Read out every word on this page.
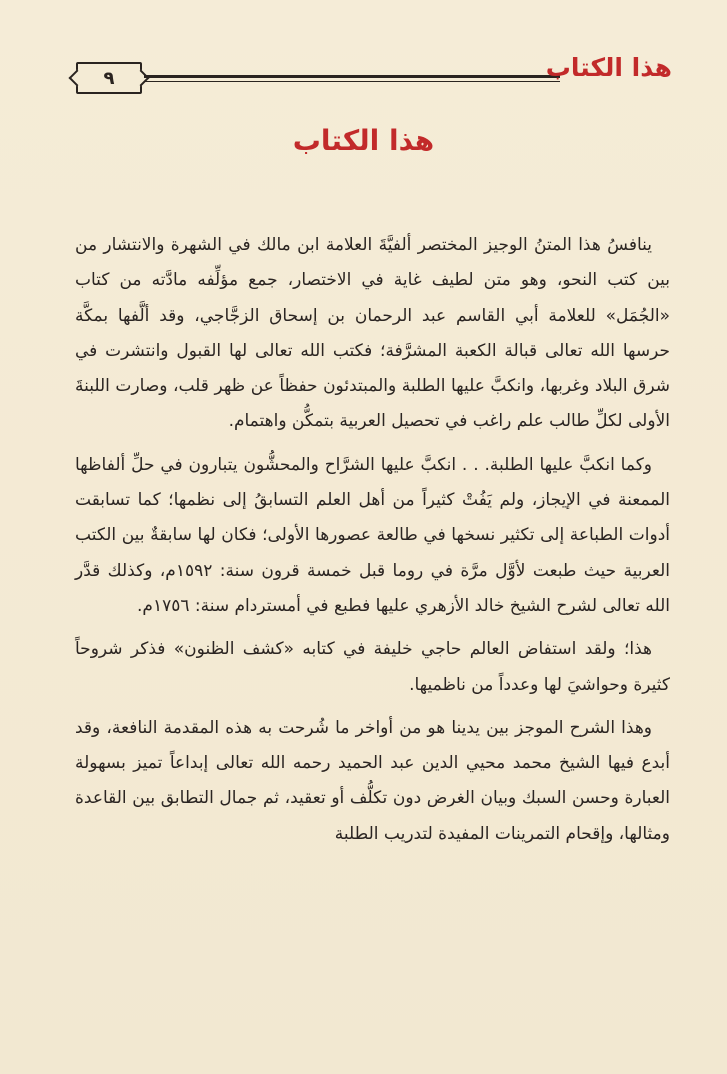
٩	هذا الكتاب
هذا الكتاب

ينافسُ هذا المتنُ الوجيز المختصر ألفيَّةَ العلامة ابن مالك في الشهرة والانتشار من بين كتب النحو، وهو متن لطيف غاية في الاختصار، جمع مؤلِّفه مادَّته من كتاب «الجُمَل» للعلامة أبي القاسم عبد الرحمان بن إسحاق الزجَّاجي، وقد ألَّفها بمكَّة حرسها الله تعالى قبالة الكعبة المشرَّفة؛ فكتب الله تعالى لها القبول وانتشرت في شرق البلاد وغربها، وانكبَّ عليها الطلبة والمبتدئون حفظاً عن ظهر قلب، وصارت اللبنةَ الأولى لكلِّ طالب علم راغب في تحصيل العربية بتمكُّن واهتمام.

وكما انكبَّ عليها الطلبة. . . انكبَّ عليها الشرَّاح والمحشُّون يتبارون في حلِّ ألفاظها الممعنة في الإيجاز، ولم يَفُتْ كثيراً من أهل العلم التسابقُ إلى نظمها؛ كما تسابقت أدوات الطباعة إلى تكثير نسخها في طالعة عصورها الأولى؛ فكان لها سابقةٌ بين الكتب العربية حيث طبعت لأوَّل مرَّة في روما قبل خمسة قرون سنة: ١٥٩٢م، وكذلك قدَّر الله تعالى لشرح الشيخ خالد الأزهري عليها فطبع في أمستردام سنة: ١٧٥٦م.

هذا؛ ولقد استفاض العالم حاجي خليفة في كتابه «كشف الظنون» فذكر شروحاً كثيرة وحواشيَ لها وعدداً من ناظميها.

وهذا الشرح الموجز بين يدينا هو من أواخر ما شُرحت به هذه المقدمة النافعة، وقد أبدع فيها الشيخ محمد محيي الدين عبد الحميد رحمه الله تعالى إبداعاً تميز بسهولة العبارة وحسن السبك وبيان الغرض دون تكلُّف أو تعقيد، ثم جمال التطابق بين القاعدة ومثالها، وإقحام التمرينات المفيدة لتدريب الطلبة
